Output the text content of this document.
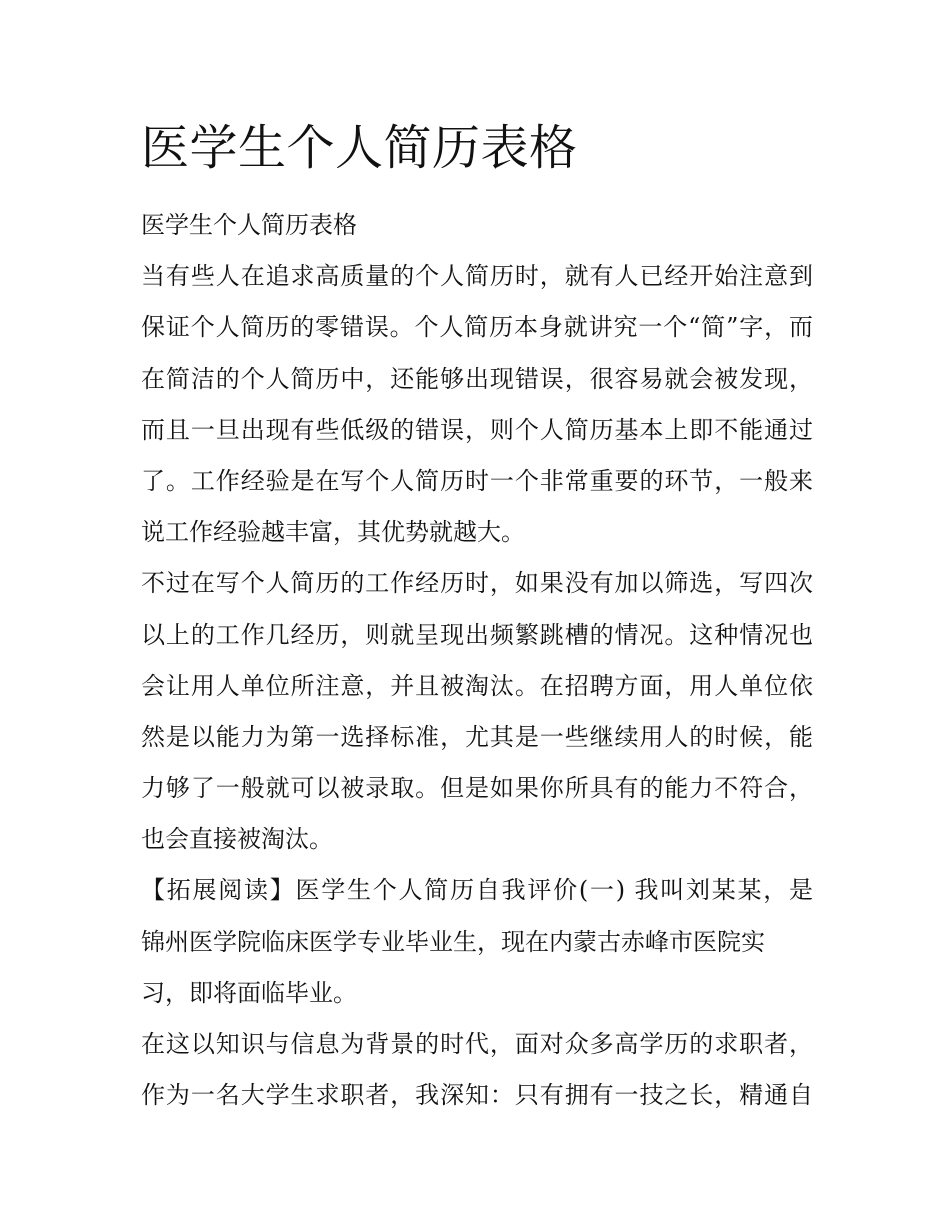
医学生个人简历表格
医学生个人简历表格
当有些人在追求高质量的个人简历时，就有人已经开始注意到
保证个人简历的零错误。个人简历本身就讲究一个“简”字，而
在简洁的个人简历中，还能够出现错误，很容易就会被发现，
而且一旦出现有些低级的错误，则个人简历基本上即不能通过
了。工作经验是在写个人简历时一个非常重要的环节，一般来
说工作经验越丰富，其优势就越大。
不过在写个人简历的工作经历时，如果没有加以筛选，写四次
以上的工作几经历，则就呈现出频繁跳槽的情况。这种情况也
会让用人单位所注意，并且被淘汰。在招聘方面，用人单位依
然是以能力为第一选择标准，尤其是一些继续用人的时候，能
力够了一般就可以被录取。但是如果你所具有的能力不符合，
也会直接被淘汰。
【拓展阅读】医学生个人简历自我评价(一) 我叫刘某某，是
锦州医学院临床医学专业毕业生，现在内蒙古赤峰市医院实
习，即将面临毕业。
在这以知识与信息为背景的时代，面对众多高学历的求职者，
作为一名大学生求职者，我深知：只有拥有一技之长，精通自
